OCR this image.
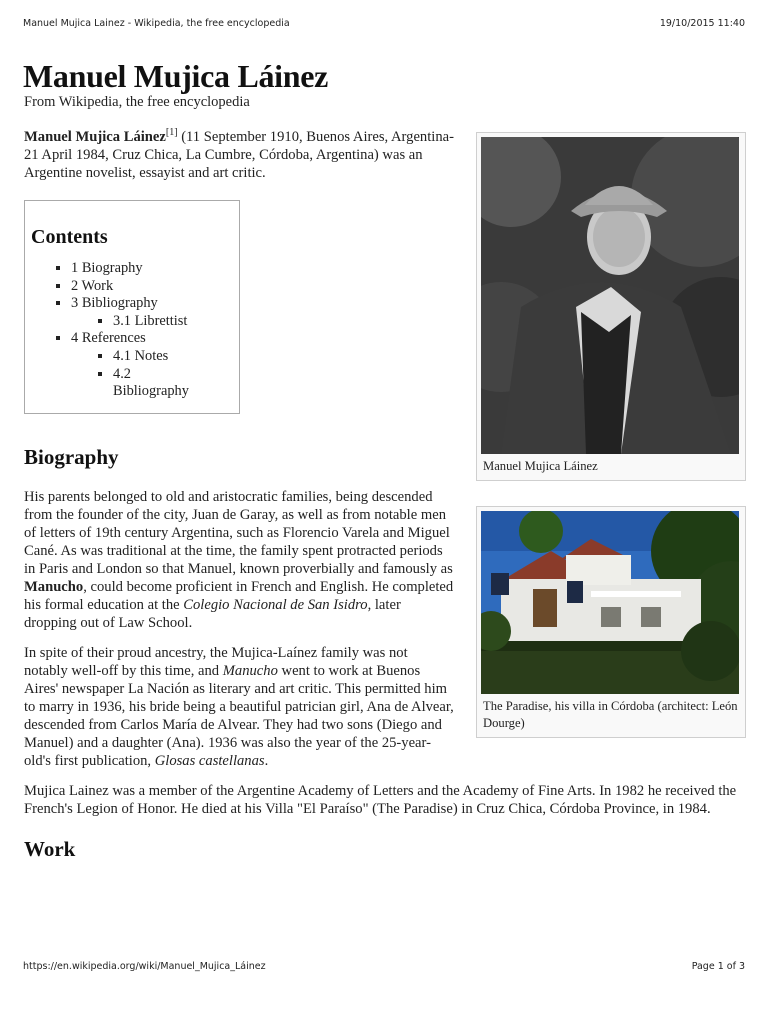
Manuel Mujica Lainez - Wikipedia, the free encyclopedia	19/10/2015 11:40
Manuel Mujica Láinez
From Wikipedia, the free encyclopedia
Manuel Mujica Láinez

Manuel Mujica Láinez[1] (11 September 1910, Buenos Aires, Argentina- 21 April 1984, Cruz Chica, La Cumbre, Córdoba, Argentina) was an Argentine novelist, essayist and art critic.

Contents
▪ 1 Biography
▪ 2 Work
▪ 3 Bibliography
▪ 3.1 Librettist
▪ 4 References
▪ 4.1 Notes
▪ 4.2 Bibliography
The Paradise, his villa in Córdoba (architect: León Dourge)
Biography

His parents belonged to old and aristocratic families, being descended from the founder of the city, Juan de Garay, as well as from notable men of letters of 19th century Argentina, such as Florencio Varela and Miguel Cané. As was traditional at the time, the family spent protracted periods in Paris and London so that Manuel, known proverbially and famously as Manucho, could become proficient in French and English. He completed his formal education at the Colegio Nacional de San Isidro, later dropping out of Law School.

In spite of their proud ancestry, the Mujica-Laínez family was not notably well-off by this time, and Manucho went to work at Buenos Aires' newspaper La Nación as literary and art critic. This permitted him to marry in 1936, his bride being a beautiful patrician girl, Ana de Alvear, descended from Carlos María de Alvear. They had two sons (Diego and Manuel) and a daughter (Ana). 1936 was also the year of the 25-year-old's first publication, Glosas castellanas.

Mujica Lainez was a member of the Argentine Academy of Letters and the Academy of Fine Arts. In 1982 he received the French's Legion of Honor. He died at his Villa "El Paraíso" (The Paradise) in Cruz Chica, Córdoba Province, in 1984.

Work
https://en.wikipedia.org/wiki/Manuel_Mujica_Láinez	Page 1 of 3
